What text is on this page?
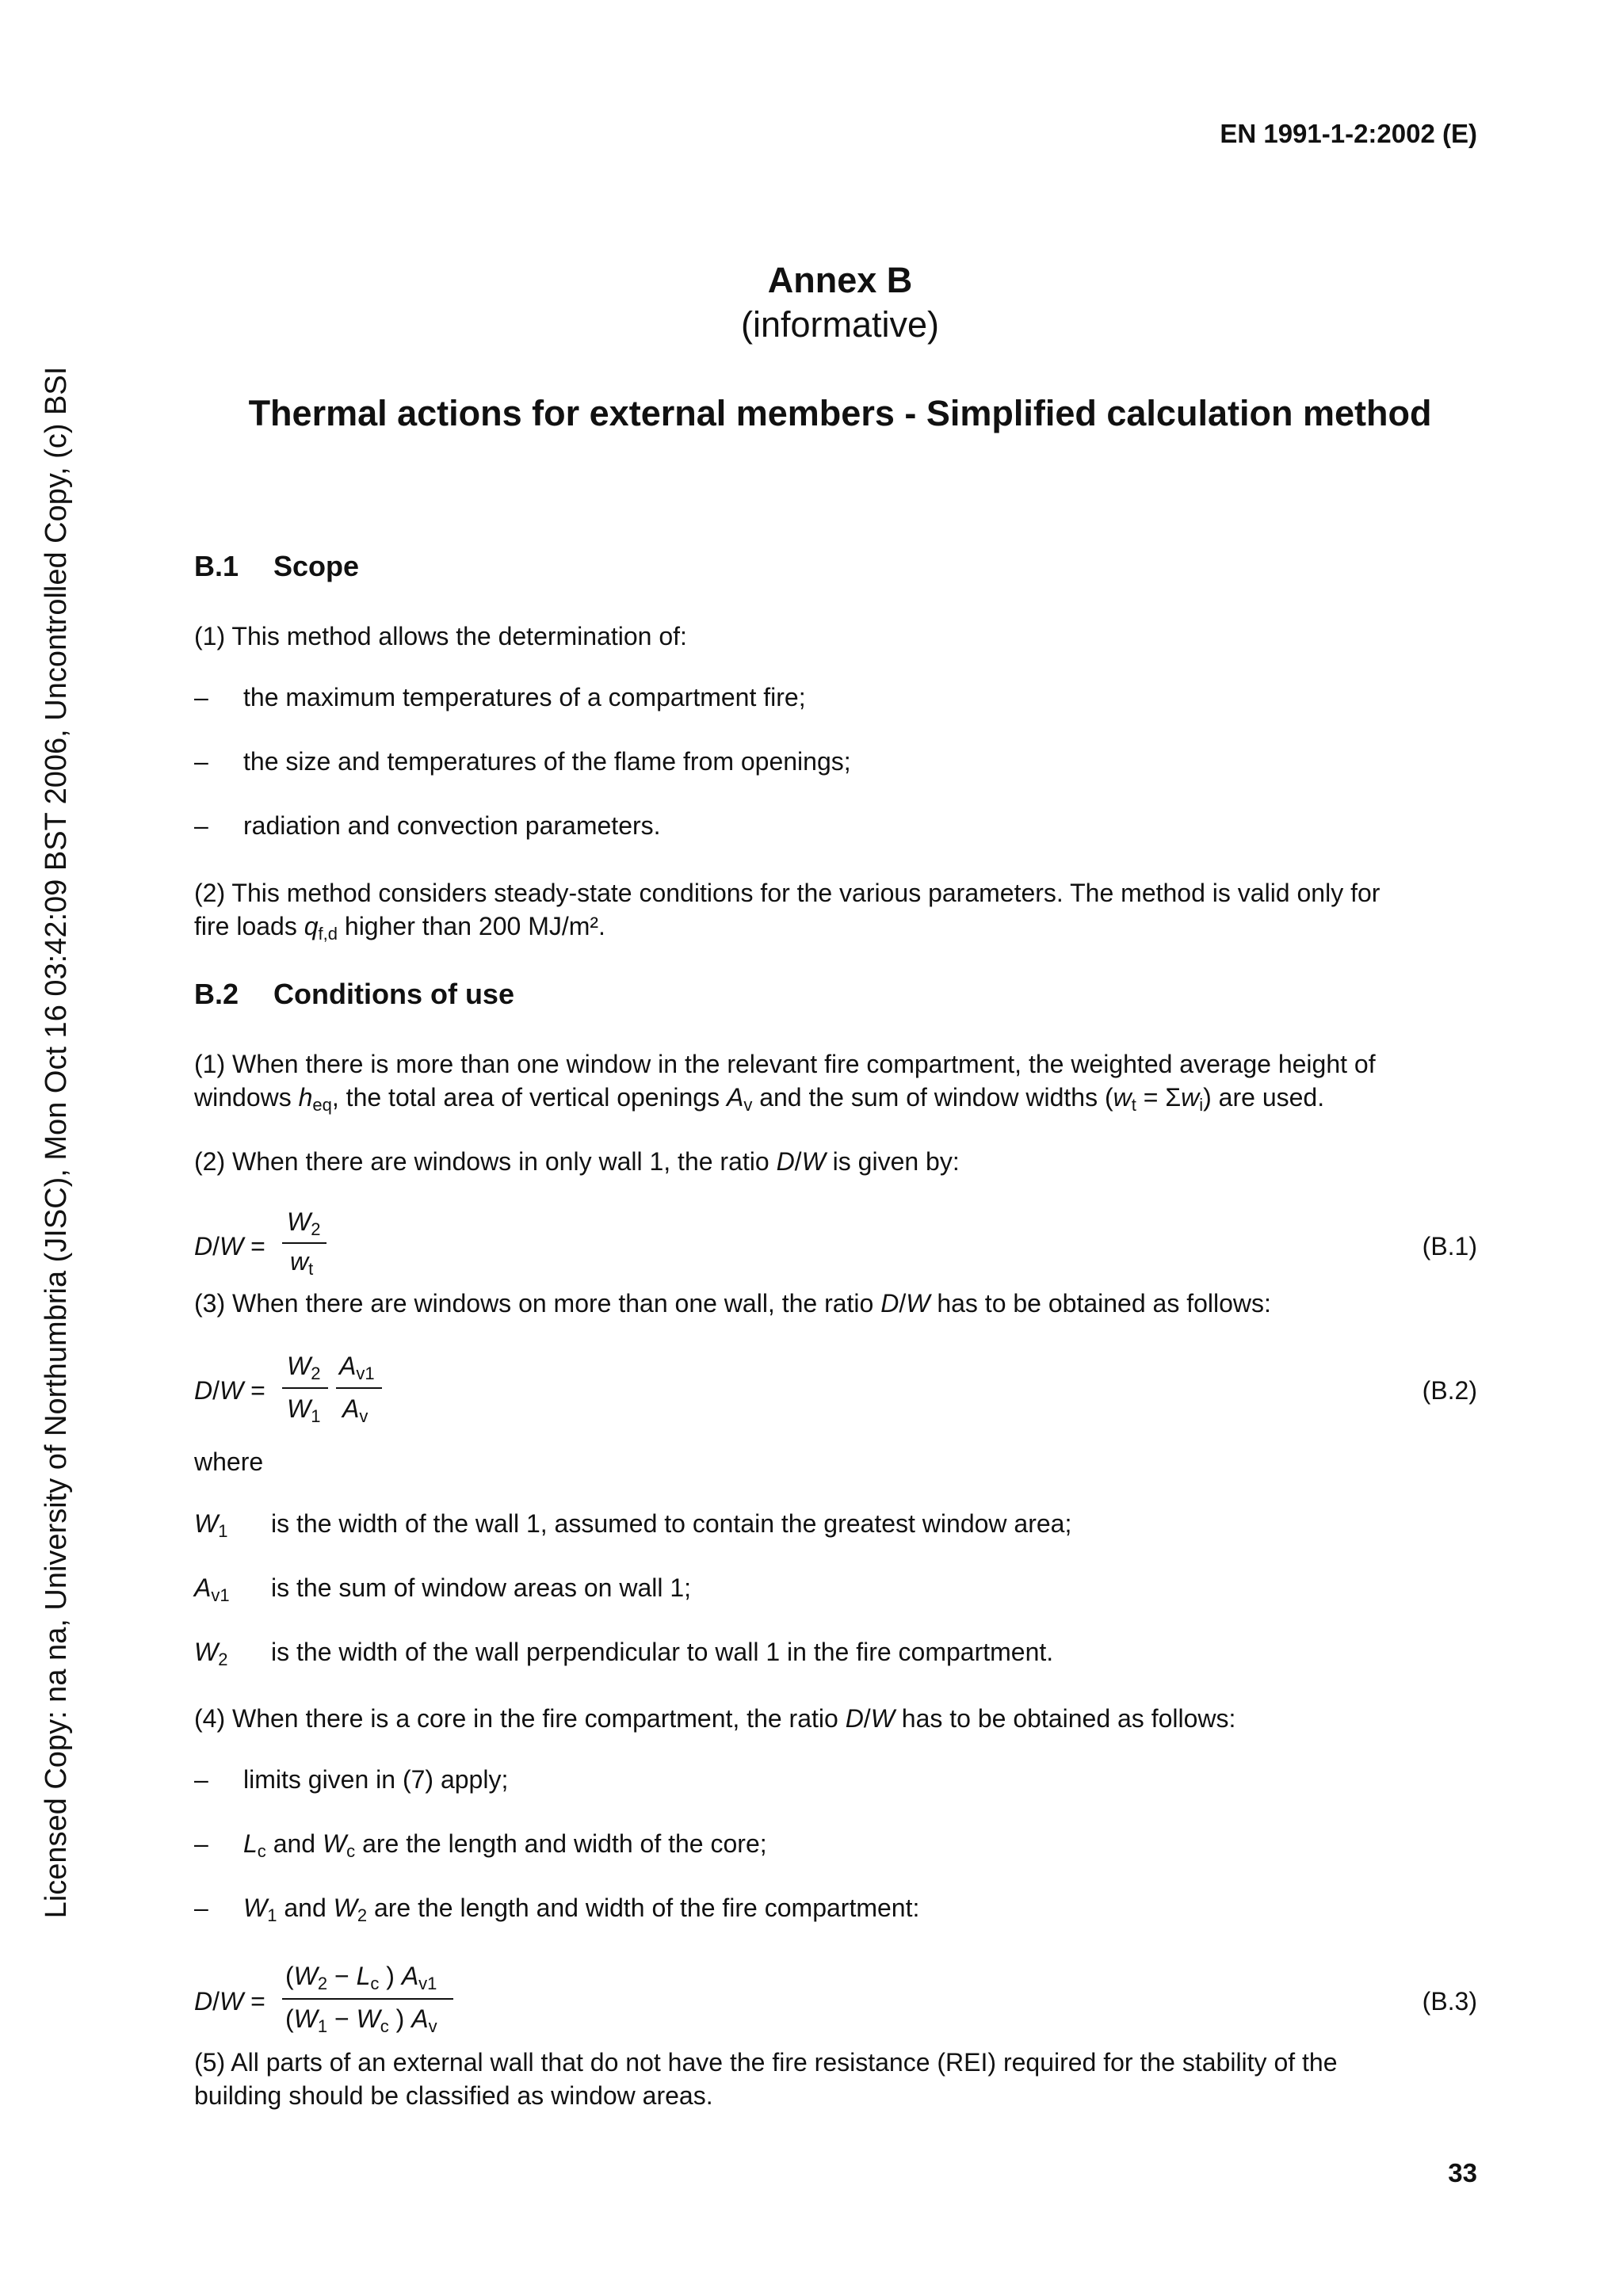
EN 1991-1-2:2002 (E)
Licensed Copy: na na, University of Northumbria (JISC), Mon Oct 16 03:42:09 BST 2006, Uncontrolled Copy, (c) BSI
Annex B
(informative)
Thermal actions for external members - Simplified calculation method
B.1 Scope
(1) This method allows the determination of:
– the maximum temperatures of a compartment fire;
– the size and temperatures of the flame from openings;
– radiation and convection parameters.
(2) This method considers steady-state conditions for the various parameters. The method is valid only for
fire loads $q_{f,d}$ higher than 200 MJ/m².
B.2 Conditions of use
(1) When there is more than one window in the relevant fire compartment, the weighted average height of
windows $h_{eq}$, the total area of vertical openings $A_v$ and the sum of window widths $(w_t = \Sigma w_i)$ are used.
(2) When there are windows in only wall 1, the ratio D/W is given by:
D/W =
$W_2$
$w_t$
(B.1)
(3) When there are windows on more than one wall, the ratio D/W has to be obtained as follows:
D/W =
$W_2$
$W_1$
$A_{v1}$
$A_v$
(B.2)
where
$W_1$ is the width of the wall 1, assumed to contain the greatest window area;
$A_{v1}$ is the sum of window areas on wall 1;
$W_2$ is the width of the wall perpendicular to wall 1 in the fire compartment.
(4) When there is a core in the fire compartment, the ratio D/W has to be obtained as follows:
– limits given in (7) apply;
– $L_c$ and $W_c$ are the length and width of the core;
– $W_1$ and $W_2$ are the length and width of the fire compartment:
D/W =
($W_2 - L_c$ ) $A_{v1}$
($W_1 - W_c$ ) $A_v$
(B.3)
(5) All parts of an external wall that do not have the fire resistance (REI) required for the stability of the
building should be classified as window areas.
33
